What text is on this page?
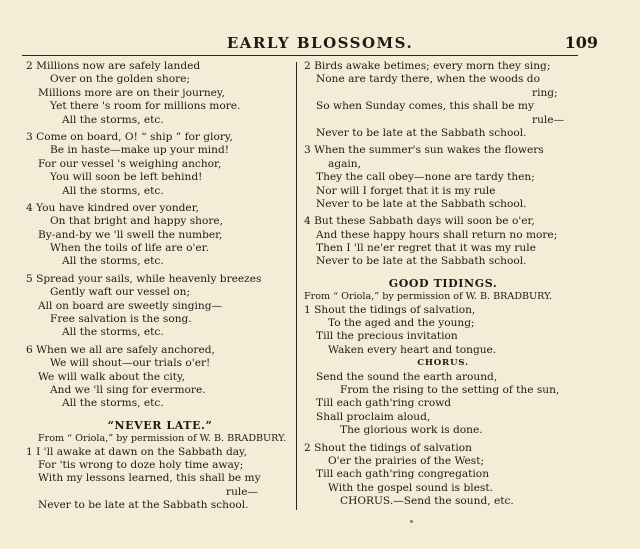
EARLY BLOSSOMS.	109
2 Millions now are safely landed
Over on the golden shore;
Millions more are on their journey,
Yet there 's room for millions more.
All the storms, etc.
3 Come on board, O! “ ship ” for glory,
Be in haste—make up your mind!
For our vessel 's weighing anchor,
You will soon be left behind!
All the storms, etc.
4 You have kindred over yonder,
On that bright and happy shore,
By-and-by we 'll swell the number,
When the toils of life are o'er.
All the storms, etc.
5 Spread your sails, while heavenly breezes
Gently waft our vessel on;
All on board are sweetly singing—
Free salvation is the song.
All the storms, etc.
6 When we all are safely anchored,
We will shout—our trials o'er!
We will walk about the city,
And we 'll sing for evermore.
All the storms, etc.
“NEVER LATE.”
From “ Oriola,” by permission of W. B. BRADBURY.
1 I 'll awake at dawn on the Sabbath day,
For 'tis wrong to doze holy time away;
With my lessons learned, this shall be my
rule—
Never to be late at the Sabbath school.
2 Birds awake betimes; every morn they sing;
None are tardy there, when the woods do
ring;
So when Sunday comes, this shall be my
rule—
Never to be late at the Sabbath school.
3 When the summer's sun wakes the flowers
again,
They the call obey—none are tardy then;
Nor will I forget that it is my rule
Never to be late at the Sabbath school.
4 But these Sabbath days will soon be o'er,
And these happy hours shall return no more;
Then I 'll ne'er regret that it was my rule
Never to be late at the Sabbath school.
GOOD TIDINGS.
From “ Oriola,” by permission of W. B. BRADBURY.
1 Shout the tidings of salvation,
To the aged and the young;
Till the precious invitation
Waken every heart and tongue.
CHORUS.
Send the sound the earth around,
From the rising to the setting of the sun,
Till each gath'ring crowd
Shall proclaim aloud,
The glorious work is done.
2 Shout the tidings of salvation
O'er the prairies of the West;
Till each gath'ring congregation
With the gospel sound is blest.
CHORUS.—Send the sound, etc.
